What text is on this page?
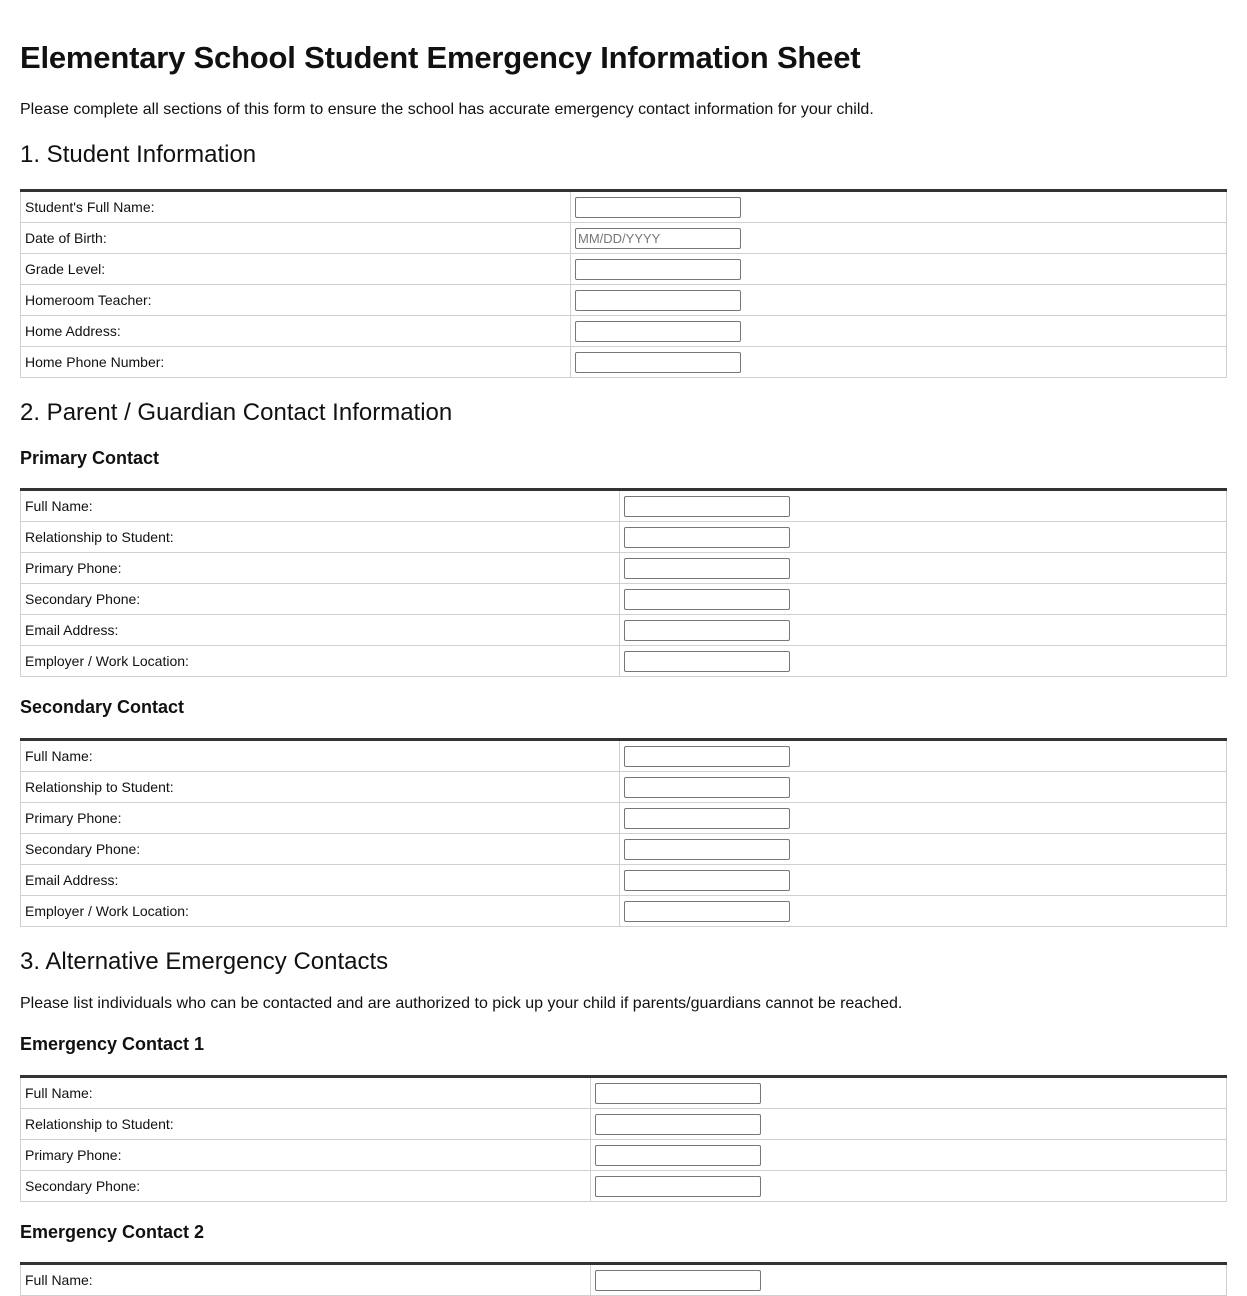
Elementary School Student Emergency Information Sheet

Please complete all sections of this form to ensure the school has accurate emergency contact information for your child.

1. Student Information
Student's Full Name:	

Date of Birth:	
MM/DD/YYYY
Grade Level:	

Homeroom Teacher:	

Home Address:	

Home Phone Number:	
2. Parent / Guardian Contact Information
Primary Contact
Full Name:	

Relationship to Student:	

Primary Phone:	

Secondary Phone:	

Email Address:	

Employer / Work Location:	
Secondary Contact
Full Name:	

Relationship to Student:	

Primary Phone:	

Secondary Phone:	

Email Address:	

Employer / Work Location:	
3. Alternative Emergency Contacts

Please list individuals who can be contacted and are authorized to pick up your child if parents/guardians cannot be reached.

Emergency Contact 1
Full Name:	

Relationship to Student:	

Primary Phone:	

Secondary Phone:	
Emergency Contact 2
Full Name:	
